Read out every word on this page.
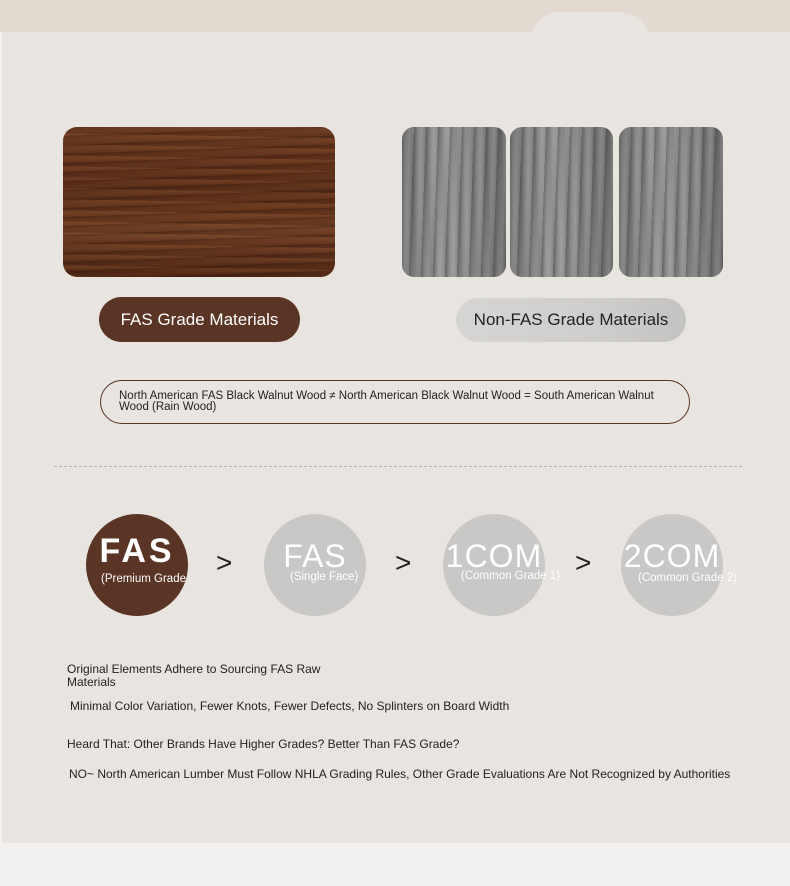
FAS Grade Materials	Non-FAS Grade Materials
North American FAS Black Walnut Wood ≠ North American Black Walnut Wood = South American Walnut Wood (Rain Wood)
FAS
(Premium Grade
>	FAS
(Single Face) > 1COM
(Common Grade 1) > 2COM
(Common Grade 2)
Original Elements Adhere to Sourcing FAS Raw Materials
Minimal Color Variation, Fewer Knots, Fewer Defects, No Splinters on Board Width
Heard That: Other Brands Have Higher Grades? Better Than FAS Grade?
NO~ North American Lumber Must Follow NHLA Grading Rules, Other Grade Evaluations Are Not Recognized by Authorities
